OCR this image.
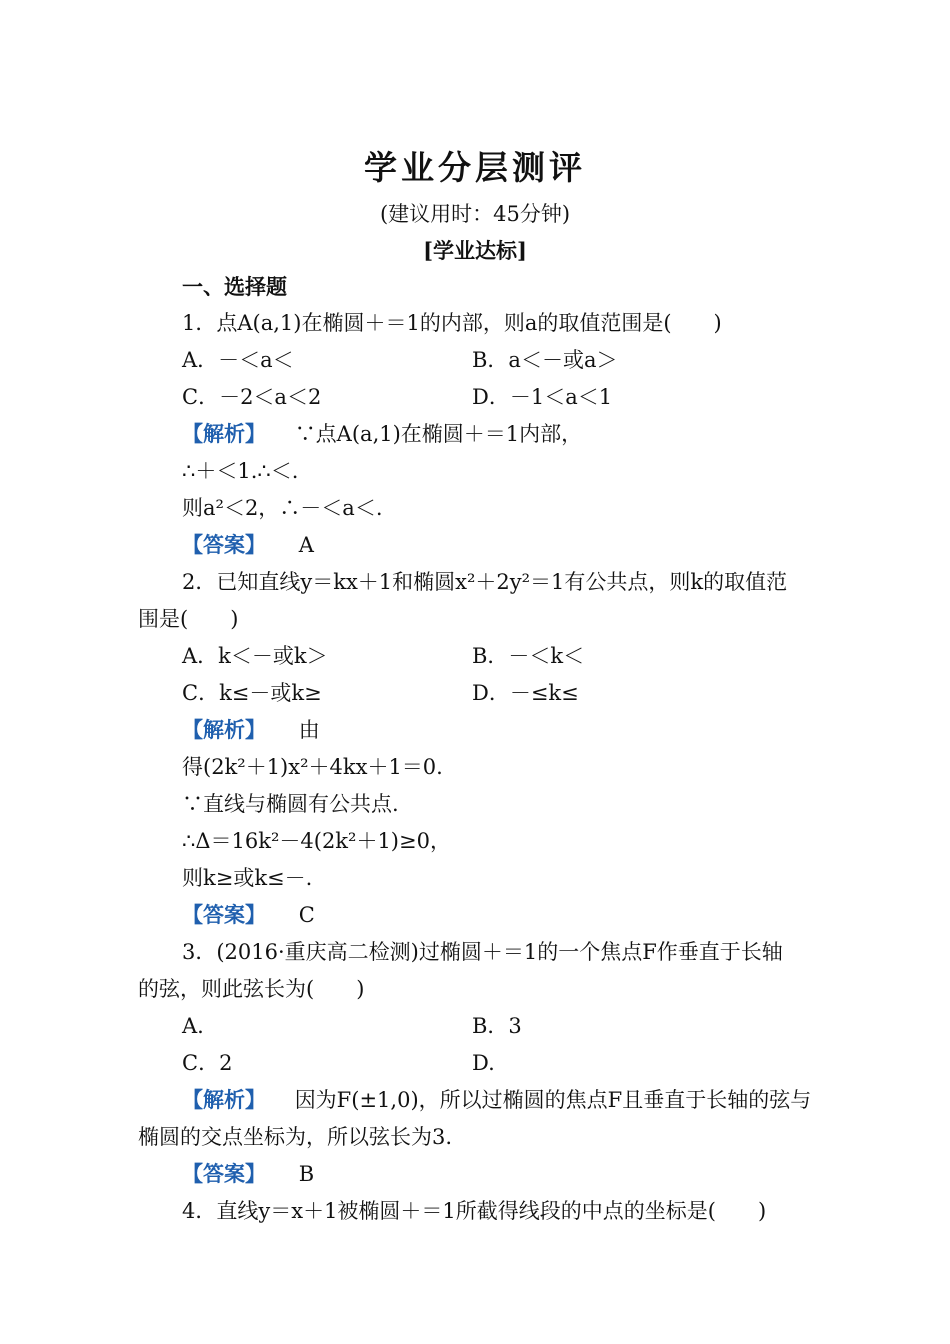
学业分层测评
(建议用时：45分钟)
[学业达标]
一、选择题
1．点A(a,1)在椭圆＋＝1的内部，则a的取值范围是(　　)
A．－＜a＜	B．a＜－或a＞
C．－2＜a＜2	D．－1＜a＜1
【解析】 ∵点A(a,1)在椭圆＋＝1内部，
∴＋＜1.∴＜.
则a²＜2，∴－＜a＜.
【答案】 A
2．已知直线y＝kx＋1和椭圆x²＋2y²＝1有公共点，则k的取值范
围是(　　)
A．k＜－或k＞	B．－＜k＜
C．k≤－或k≥	D．－≤k≤
【解析】 由
得(2k²＋1)x²＋4kx＋1＝0.
∵直线与椭圆有公共点.
∴Δ＝16k²－4(2k²＋1)≥0，
则k≥或k≤－.
【答案】 C
3．(2016·重庆高二检测)过椭圆＋＝1的一个焦点F作垂直于长轴
的弦，则此弦长为(　　)
A.	B．3
C．2	D.
【解析】 因为F(±1,0)，所以过椭圆的焦点F且垂直于长轴的弦与
椭圆的交点坐标为，所以弦长为3.
【答案】 B
4．直线y＝x＋1被椭圆＋＝1所截得线段的中点的坐标是(　　)
